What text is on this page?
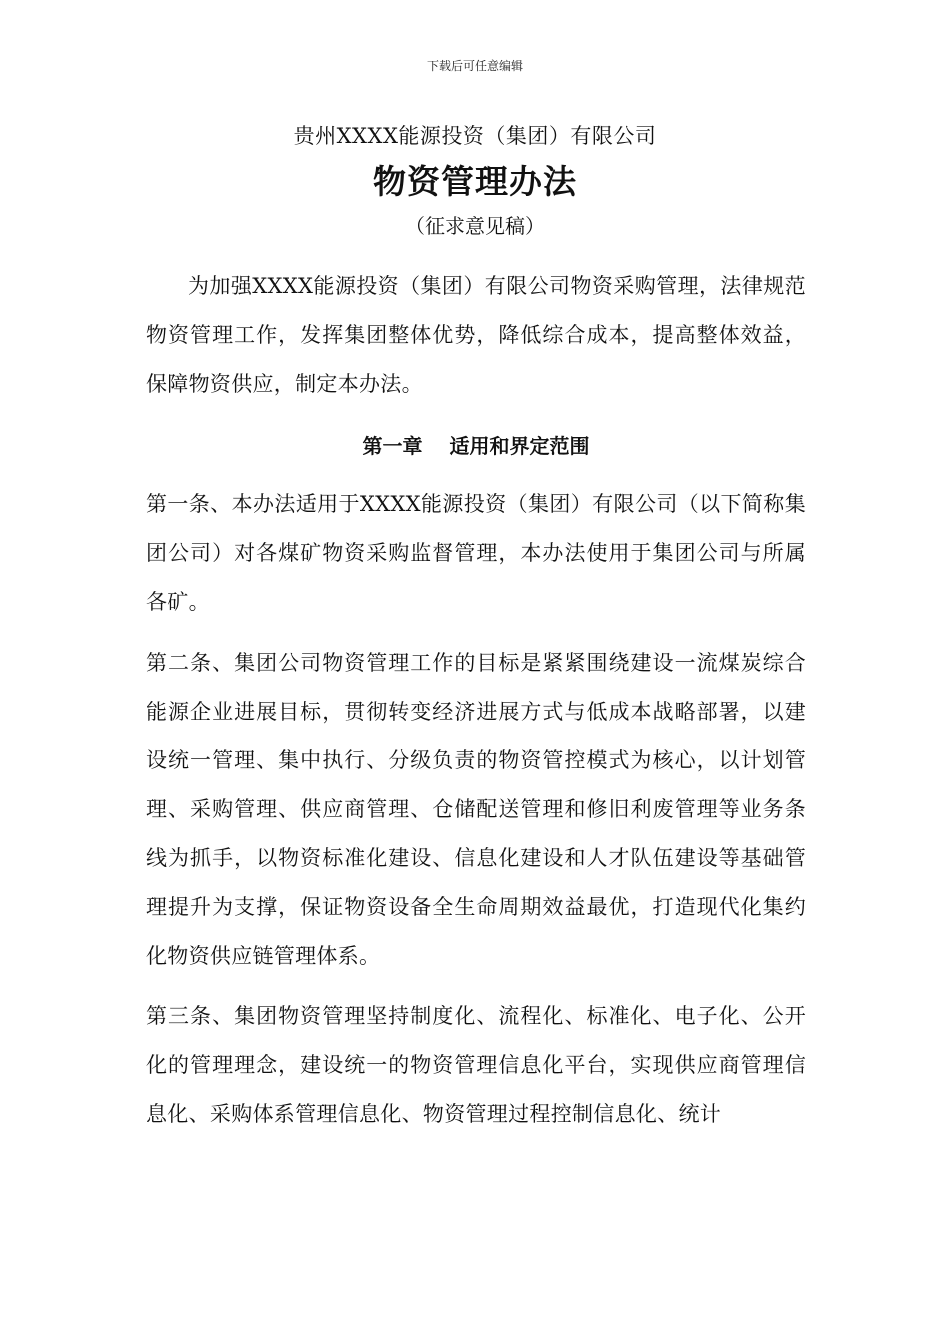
下载后可任意编辑
贵州XXXX能源投资（集团）有限公司
物资管理办法
（征求意见稿）

为加强XXXX能源投资（集团）有限公司物资采购管理，法律规范物资管理工作，发挥集团整体优势，降低综合成本，提高整体效益，保障物资供应，制定本办法。

第一章　 适用和界定范围

第一条、本办法适用于XXXX能源投资（集团）有限公司（以下简称集团公司）对各煤矿物资采购监督管理，本办法使用于集团公司与所属各矿。

第二条、集团公司物资管理工作的目标是紧紧围绕建设一流煤炭综合能源企业进展目标，贯彻转变经济进展方式与低成本战略部署，以建设统一管理、集中执行、分级负责的物资管控模式为核心，以计划管理、采购管理、供应商管理、仓储配送管理和修旧利废管理等业务条线为抓手，以物资标准化建设、信息化建设和人才队伍建设等基础管理提升为支撑，保证物资设备全生命周期效益最优，打造现代化集约化物资供应链管理体系。

第三条、集团物资管理坚持制度化、流程化、标准化、电子化、公开化的管理理念，建设统一的物资管理信息化平台，实现供应商管理信息化、采购体系管理信息化、物资管理过程控制信息化、统计
